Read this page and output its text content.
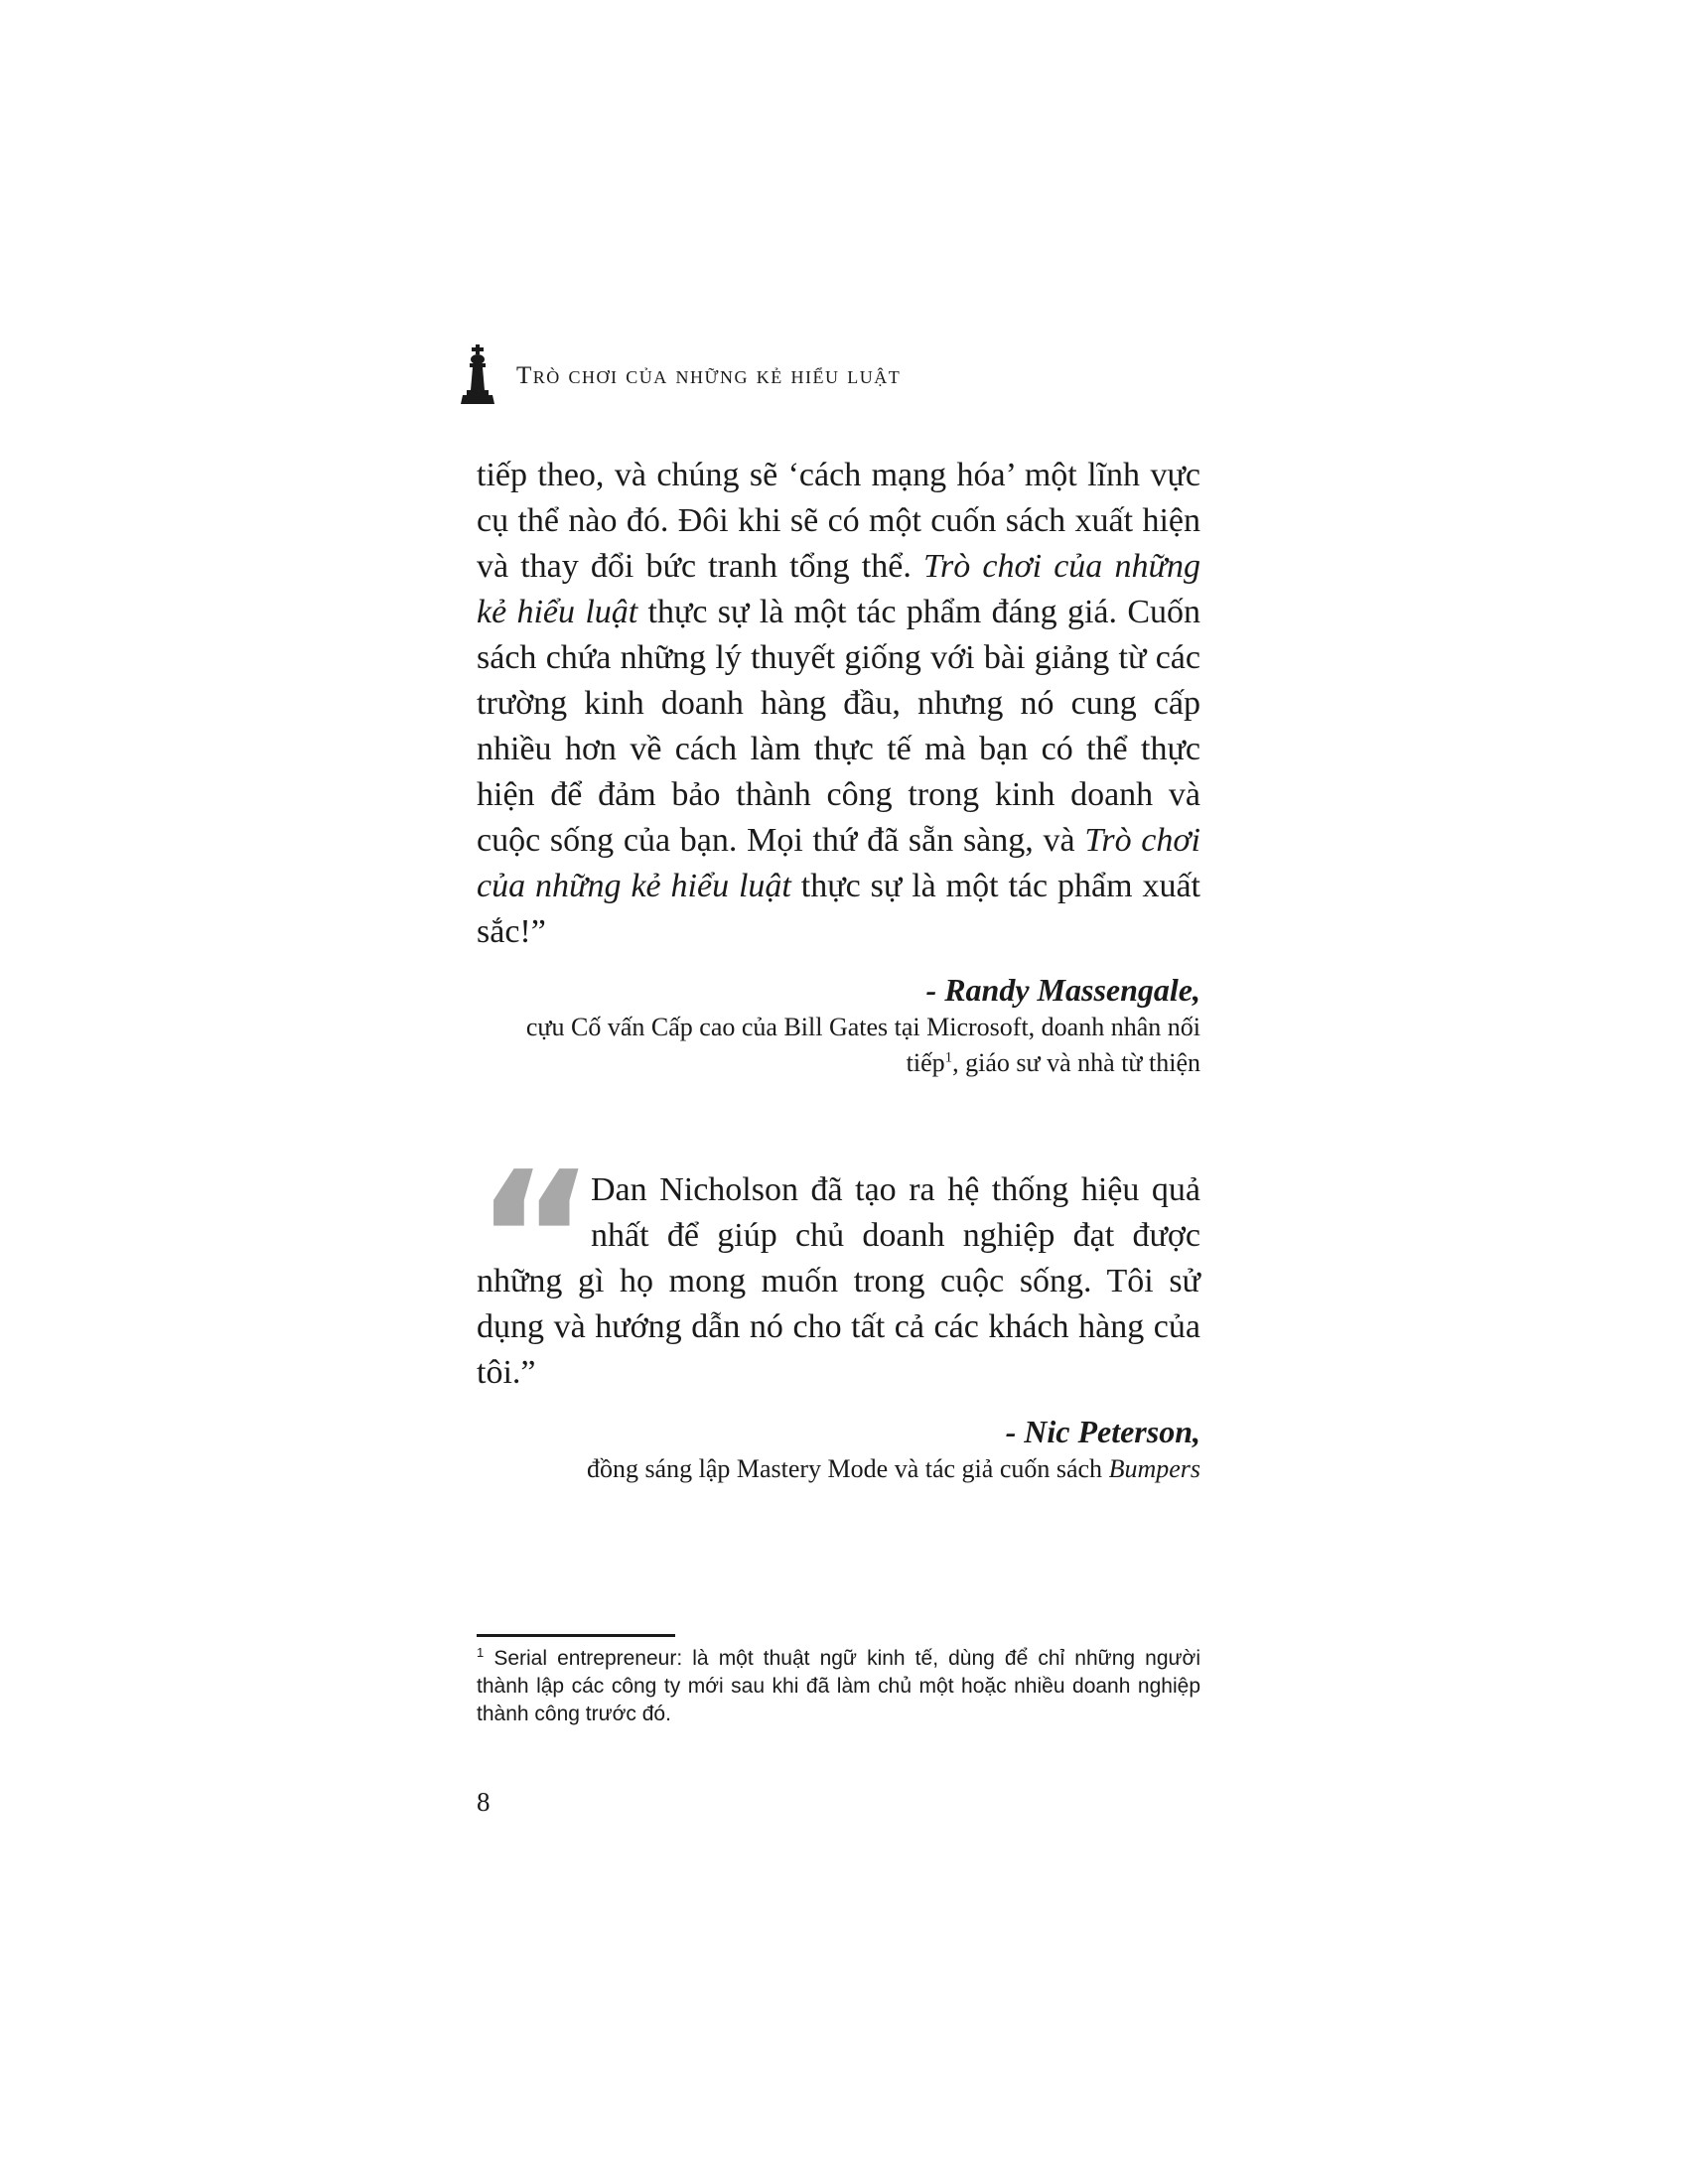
Trò chơi của những kẻ hiểu luật

tiếp theo, và chúng sẽ ‘cách mạng hóa’ một lĩnh vực cụ thể nào đó. Đôi khi sẽ có một cuốn sách xuất hiện và thay đổi bức tranh tổng thể. Trò chơi của những kẻ hiểu luật thực sự là một tác phẩm đáng giá. Cuốn sách chứa những lý thuyết giống với bài giảng từ các trường kinh doanh hàng đầu, nhưng nó cung cấp nhiều hơn về cách làm thực tế mà bạn có thể thực hiện để đảm bảo thành công trong kinh doanh và cuộc sống của bạn. Mọi thứ đã sẵn sàng, và Trò chơi của những kẻ hiểu luật thực sự là một tác phẩm xuất sắc!”

- Randy Massengale,
cựu Cố vấn Cấp cao của Bill Gates tại Microsoft, doanh nhân nối tiếp$^1$, giáo sư và nhà từ thiện
“

Dan Nicholson đã tạo ra hệ thống hiệu quả nhất để giúp chủ doanh nghiệp đạt được những gì họ mong muốn trong cuộc sống. Tôi sử dụng và hướng dẫn nó cho tất cả các khách hàng của tôi.”

- Nic Peterson,
đồng sáng lập Mastery Mode và tác giả cuốn sách Bumpers

$^1$ Serial entrepreneur: là một thuật ngữ kinh tế, dùng để chỉ những người thành lập các công ty mới sau khi đã làm chủ một hoặc nhiều doanh nghiệp thành công trước đó.

8
